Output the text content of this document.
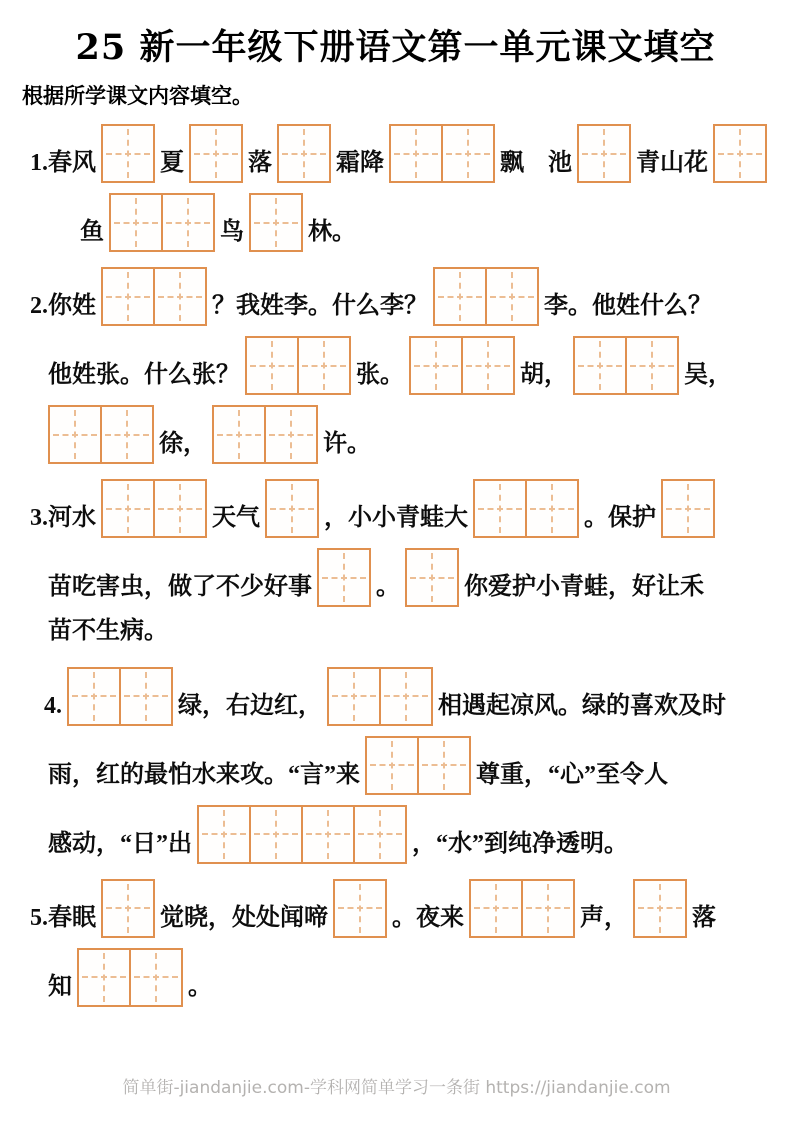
25 新一年级下册语文第一单元课文填空

根据所学课文内容填空。

1.春风	夏	落	霜降	飘　池	青山花
鱼	鸟	林。
2.你姓	？我姓李。什么李？	李。他姓什么？
他姓张。什么张？	张。	胡，	吴，
徐，	许。
3.河水	天气	，小小青蛙大	。保护
苗吃害虫，做了不少好事	。	你爱护小青蛙，好让禾
苗不生病。
4.	绿，右边红，	相遇起凉风。绿的喜欢及时
雨，红的最怕水来攻。“言”来	尊重，“心”至令人
感动，“日”出	，“水”到纯净透明。
5.春眠	觉晓，处处闻啼	。夜来	声，	落
知	。
简单街-jiandanjie.com-学科网简单学习一条街 https://jiandanjie.com
